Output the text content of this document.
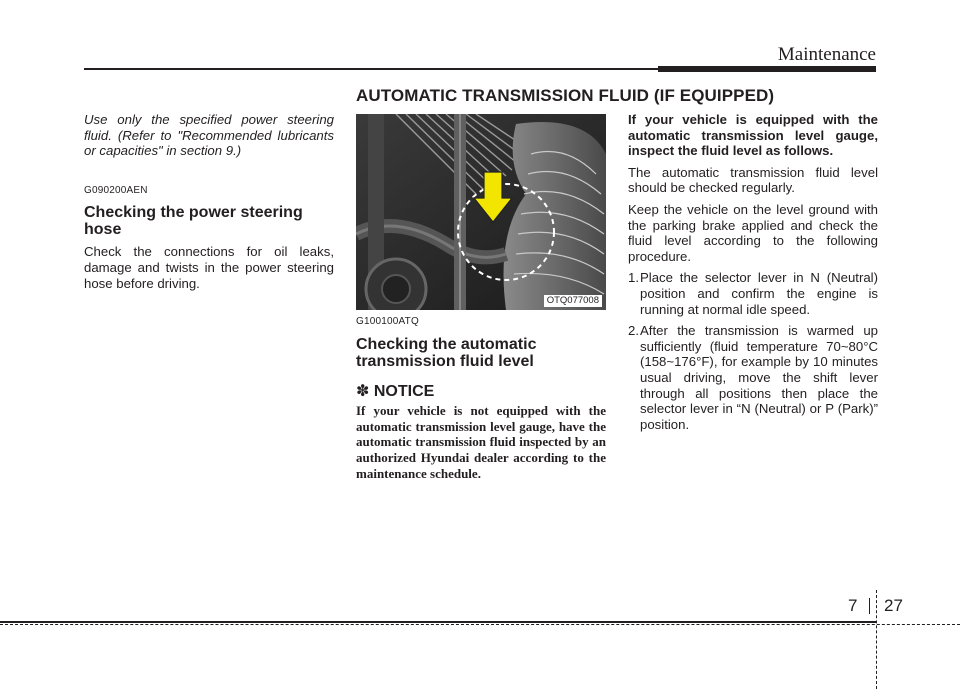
Maintenance
AUTOMATIC TRANSMISSION FLUID (IF EQUIPPED)

Use only the specified power steering fluid. (Refer to "Recommended lubricants or capacities" in section 9.)

G090200AEN
Checking the power steering hose

Check the connections for oil leaks, damage and twists in the power steering hose before driving.

OTQ077008
G100100ATQ
Checking the automatic transmission fluid level
✽ NOTICE

If your vehicle is not equipped with the automatic transmission level gauge, have the automatic transmission fluid inspected by an authorized Hyundai dealer according to the maintenance schedule.

If your vehicle is equipped with the automatic transmission level gauge, inspect the fluid level as follows.

The automatic transmission fluid level should be checked regularly.

Keep the vehicle on the level ground with the parking brake applied and check the fluid level according to the following procedure.

1. Place the selector lever in N (Neutral) position and confirm the engine is running at normal idle speed.
2. After the transmission is warmed up sufficiently (fluid temperature 70~80°C (158~176°F), for example by 10 minutes usual driving, move the shift lever through all positions then place the selector lever in “N (Neutral) or P (Park)” position.
7 27
